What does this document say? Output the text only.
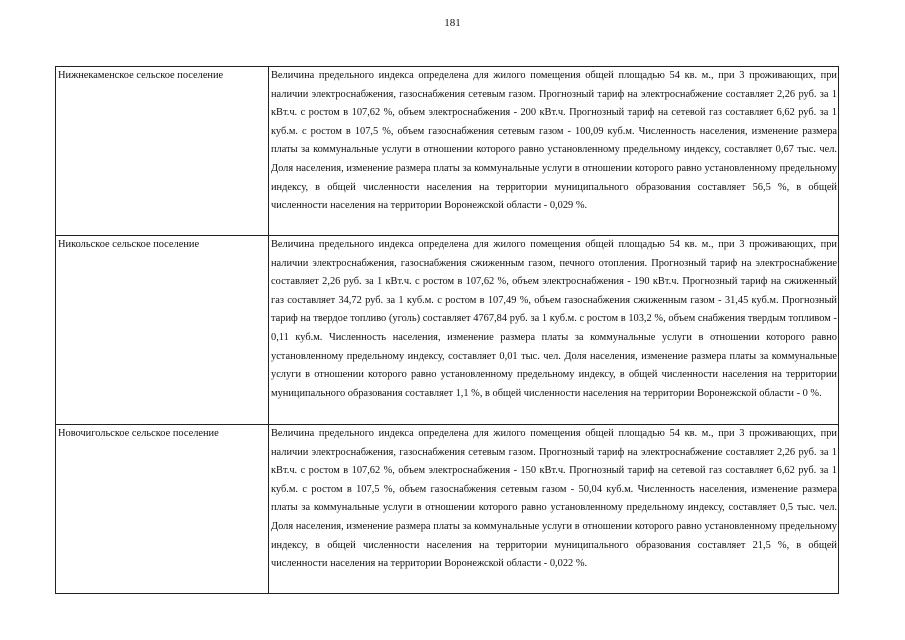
181
Нижнекаменское сельское поселение	Величина предельного индекса определена для жилого помещения общей площадью 54 кв. м., при 3 проживающих, при наличии электроснабжения, газоснабжения сетевым газом. Прогнозный тариф на электроснабжение составляет 2,26 руб. за 1 кВт.ч. с ростом в 107,62 %, объем электроснабжения - 200 кВт.ч. Прогнозный тариф на сетевой газ составляет 6,62 руб. за 1 куб.м. с ростом в 107,5 %, объем газоснабжения сетевым газом - 100,09 куб.м. Численность населения, изменение размера платы за коммунальные услуги в отношении которого равно установленному предельному индексу, составляет 0,67 тыс. чел. Доля населения, изменение размера платы за коммунальные услуги в отношении которого равно установленному предельному индексу, в общей численности населения на территории муниципального образования составляет 56,5 %, в общей численности населения на территории Воронежской области - 0,029 %.
Никольское сельское поселение	Величина предельного индекса определена для жилого помещения общей площадью 54 кв. м., при 3 проживающих, при наличии электроснабжения, газоснабжения сжиженным газом, печного отопления. Прогнозный тариф на электроснабжение составляет 2,26 руб. за 1 кВт.ч. с ростом в 107,62 %, объем электроснабжения - 190 кВт.ч. Прогнозный тариф на сжиженный газ составляет 34,72 руб. за 1 куб.м. с ростом в 107,49 %, объем газоснабжения сжиженным газом - 31,45 куб.м. Прогнозный тариф на твердое топливо (уголь) составляет 4767,84 руб. за 1 куб.м. с ростом в 103,2 %, объем снабжения твердым топливом - 0,11 куб.м. Численность населения, изменение размера платы за коммунальные услуги в отношении которого равно установленному предельному индексу, составляет 0,01 тыс. чел. Доля населения, изменение размера платы за коммунальные услуги в отношении которого равно установленному предельному индексу, в общей численности населения на территории муниципального образования составляет 1,1 %, в общей численности населения на территории Воронежской области - 0 %.
Новочигольское сельское поселение	Величина предельного индекса определена для жилого помещения общей площадью 54 кв. м., при 3 проживающих, при наличии электроснабжения, газоснабжения сетевым газом. Прогнозный тариф на электроснабжение составляет 2,26 руб. за 1 кВт.ч. с ростом в 107,62 %, объем электроснабжения - 150 кВт.ч. Прогнозный тариф на сетевой газ составляет 6,62 руб. за 1 куб.м. с ростом в 107,5 %, объем газоснабжения сетевым газом - 50,04 куб.м. Численность населения, изменение размера платы за коммунальные услуги в отношении которого равно установленному предельному индексу, составляет 0,5 тыс. чел. Доля населения, изменение размера платы за коммунальные услуги в отношении которого равно установленному предельному индексу, в общей численности населения на территории муниципального образования составляет 21,5 %, в общей численности населения на территории Воронежской области - 0,022 %.
